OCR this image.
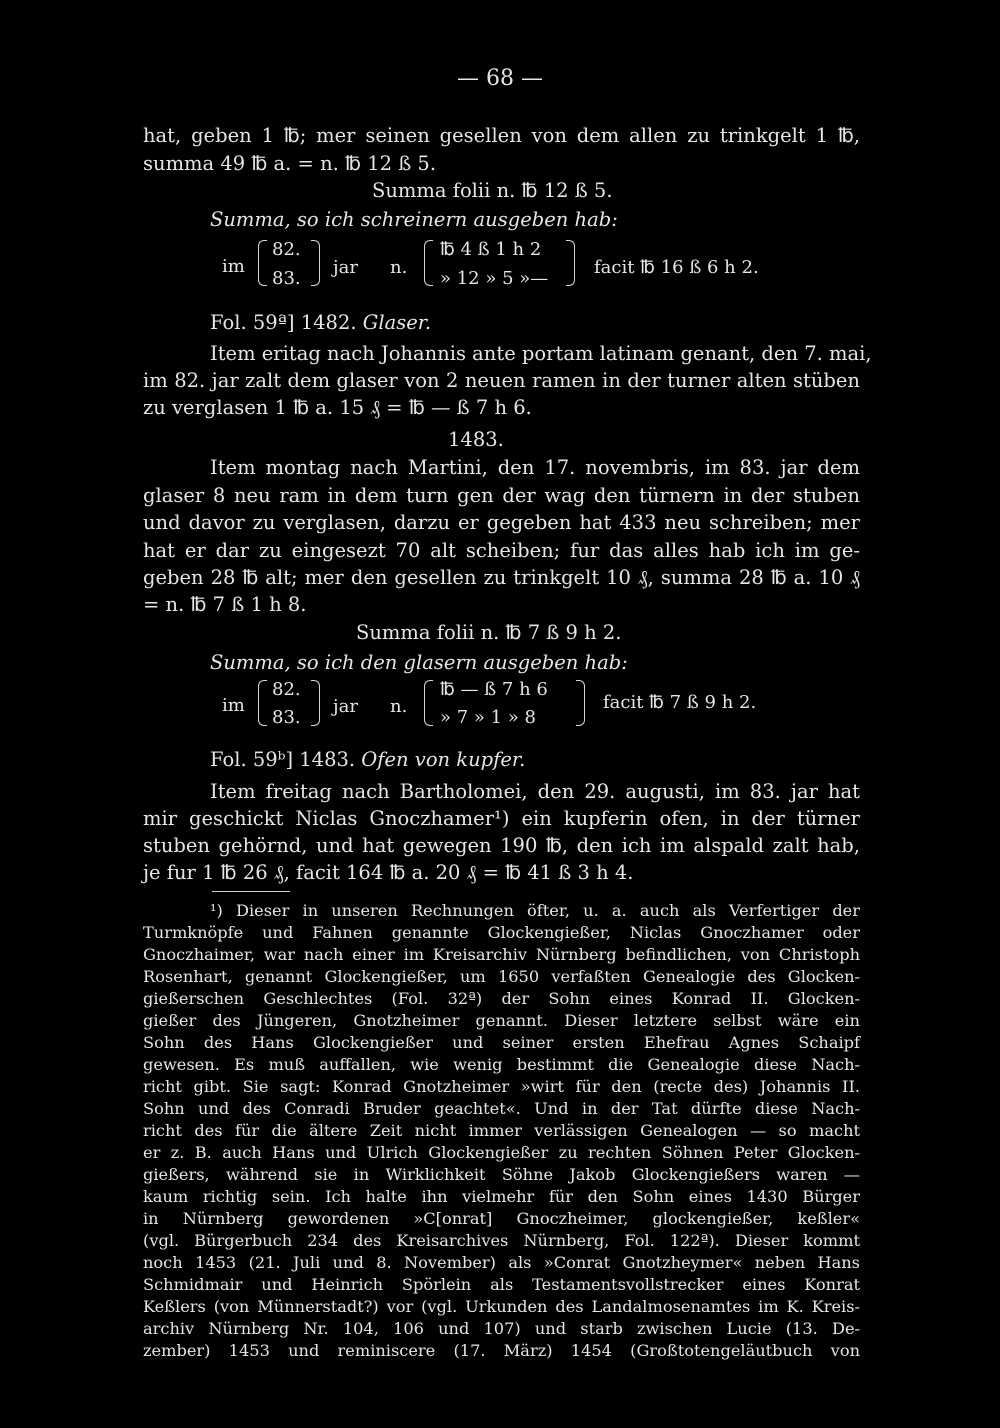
— 68 —
hat, geben 1 ℔; mer seinen gesellen von dem allen zu trinkgelt 1 ℔,
summa 49 ℔ a. = n. ℔ 12 ß 5.
Summa folii n. ℔ 12 ß 5.
Summa, so ich schreinern ausgeben hab:
im
82.
83.
jar n.
℔ 4 ß 1 h 2
» 12 » 5 »—
facit ℔ 16 ß 6 h 2.
Fol. 59ª] 1482. Glaser.
Item eritag nach Johannis ante portam latinam genant, den 7. mai,
im 82. jar zalt dem glaser von 2 neuen ramen in der turner alten stüben
zu verglasen 1 ℔ a. 15 ₰ = ℔ — ß 7 h 6.
1483.
Item montag nach Martini, den 17. novembris, im 83. jar dem
glaser 8 neu ram in dem turn gen der wag den türnern in der stuben
und davor zu verglasen, darzu er gegeben hat 433 neu schreiben; mer
hat er dar zu eingesezt 70 alt scheiben; fur das alles hab ich im ge-
geben 28 ℔ alt; mer den gesellen zu trinkgelt 10 ₰, summa 28 ℔ a. 10 ₰
= n. ℔ 7 ß 1 h 8.
Summa folii n. ℔ 7 ß 9 h 2.
Summa, so ich den glasern ausgeben hab:
im
82.
83.
jar n.
℔ — ß 7 h 6
» 7 » 1 » 8
facit ℔ 7 ß 9 h 2.
Fol. 59ᵇ] 1483. Ofen von kupfer.
Item freitag nach Bartholomei, den 29. augusti, im 83. jar hat
mir geschickt Niclas Gnoczhamer¹) ein kupferin ofen, in der türner
stuben gehörnd, und hat gewegen 190 ℔, den ich im alspald zalt hab,
je fur 1 ℔ 26 ₰, facit 164 ℔ a. 20 ₰ = ℔ 41 ß 3 h 4.
¹) Dieser in unseren Rechnungen öfter, u. a. auch als Verfertiger der
Turmknöpfe und Fahnen genannte Glockengießer, Niclas Gnoczhamer oder
Gnoczhaimer, war nach einer im Kreisarchiv Nürnberg befindlichen, von Christoph
Rosenhart, genannt Glockengießer, um 1650 verfaßten Genealogie des Glocken-
gießerschen Geschlechtes (Fol. 32ª) der Sohn eines Konrad II. Glocken-
gießer des Jüngeren, Gnotzheimer genannt. Dieser letztere selbst wäre ein
Sohn des Hans Glockengießer und seiner ersten Ehefrau Agnes Schaipf
gewesen. Es muß auffallen, wie wenig bestimmt die Genealogie diese Nach-
richt gibt. Sie sagt: Konrad Gnotzheimer »wirt für den (recte des) Johannis II.
Sohn und des Conradi Bruder geachtet«. Und in der Tat dürfte diese Nach-
richt des für die ältere Zeit nicht immer verlässigen Genealogen — so macht
er z. B. auch Hans und Ulrich Glockengießer zu rechten Söhnen Peter Glocken-
gießers, während sie in Wirklichkeit Söhne Jakob Glockengießers waren —
kaum richtig sein. Ich halte ihn vielmehr für den Sohn eines 1430 Bürger
in Nürnberg gewordenen »C[onrat] Gnoczheimer, glockengießer, keßler«
(vgl. Bürgerbuch 234 des Kreisarchives Nürnberg, Fol. 122ª). Dieser kommt
noch 1453 (21. Juli und 8. November) als »Conrat Gnotzheymer« neben Hans
Schmidmair und Heinrich Spörlein als Testamentsvollstrecker eines Konrat
Keßlers (von Münnerstadt?) vor (vgl. Urkunden des Landalmosenamtes im K. Kreis-
archiv Nürnberg Nr. 104, 106 und 107) und starb zwischen Lucie (13. De-
zember) 1453 und reminiscere (17. März) 1454 (Großtotengeläutbuch von
